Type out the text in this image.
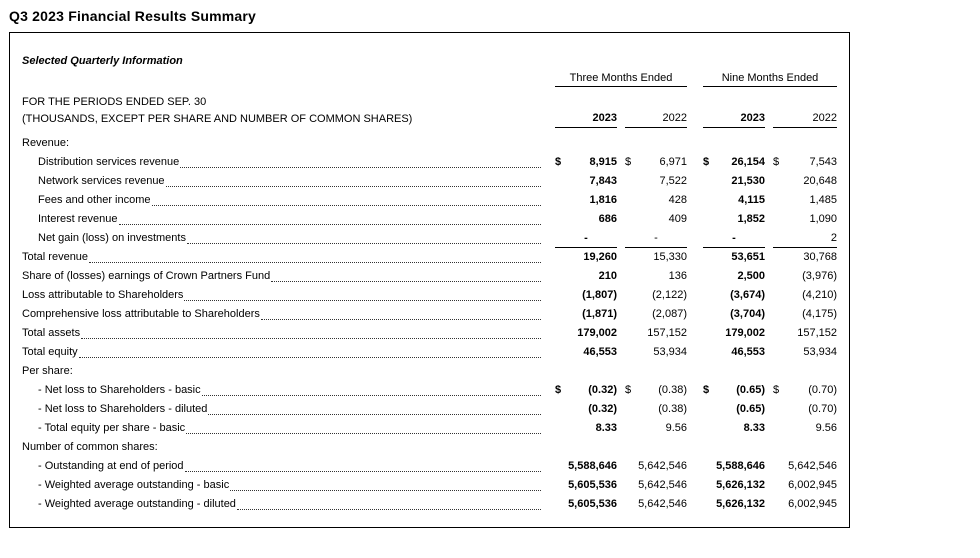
Q3 2023 Financial Results Summary
Selected Quarterly Information
Three Months Ended	Nine Months Ended
FOR THE PERIODS ENDED SEP. 30
(THOUSANDS, EXCEPT PER SHARE AND NUMBER OF COMMON SHARES)	2023	2022	2023	2022
Revenue:
Distribution services revenue	$	8,915 $	6,971 $ 26,154 $	7,543
Network services revenue	7,843	7,522	21,530	20,648
Fees and other income	1,816	428	4,115	1,485
Interest revenue	686	409	1,852	1,090
Net gain (loss) on investments	-	-	-	2
Total revenue	19,260	15,330	53,651	30,768
Share of (losses) earnings of Crown Partners Fund	210	136	2,500	(3,976)
Loss attributable to Shareholders	(1,807)	(2,122)	(3,674)	(4,210)
Comprehensive loss attributable to Shareholders	(1,871)	(2,087)	(3,704)	(4,175)
Total assets	179,002	157,152	179,002	157,152
Total equity	46,553	53,934	46,553	53,934
Per share:
- Net loss to Shareholders - basic	$ (0.32) $ (0.38) $ (0.65) $	(0.70)
- Net loss to Shareholders - diluted	(0.32)	(0.38)	(0.65)	(0.70)
- Total equity per share - basic	8.33	9.56	8.33	9.56
Number of common shares:
- Outstanding at end of period	5,588,646 5,642,546	5,588,646 5,642,546
- Weighted average outstanding - basic	5,605,536 5,642,546	5,626,132 6,002,945
- Weighted average outstanding - diluted	5,605,536 5,642,546	5,626,132 6,002,945
